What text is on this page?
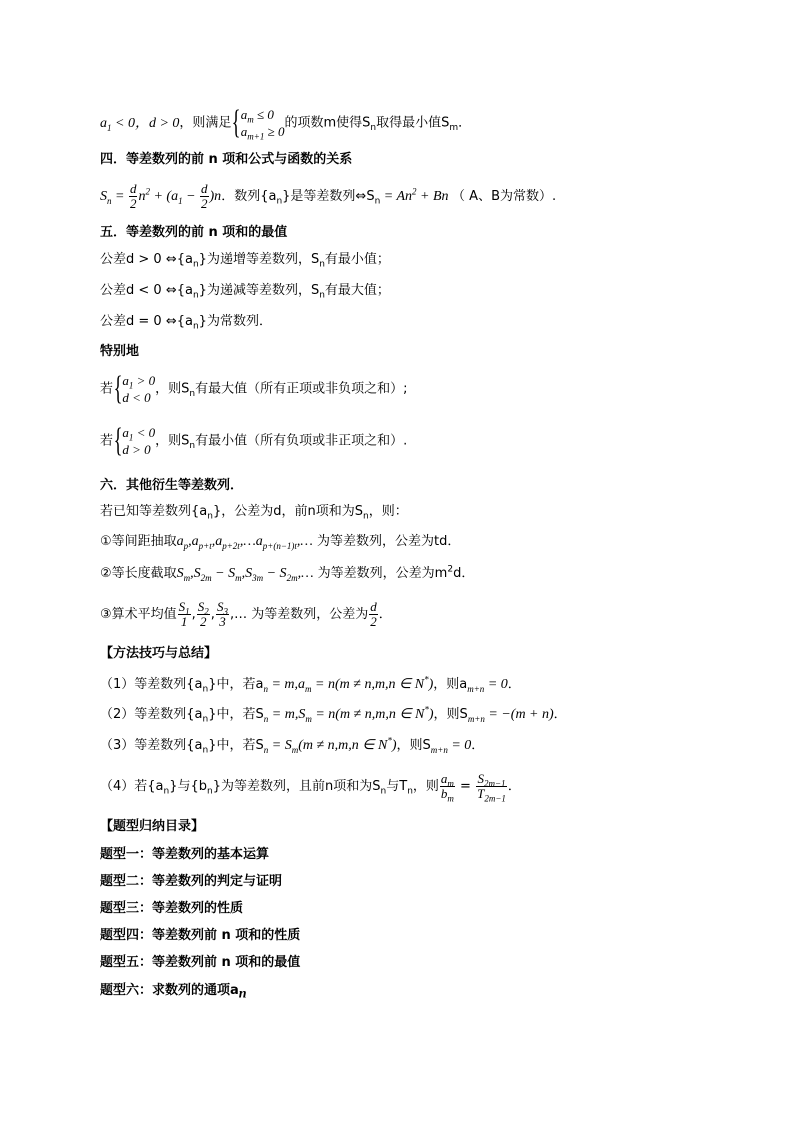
$a_1 < 0$，d > 0，则满足{ $a_m \le 0$
$a_{m+1} \ge 0$
的项数m使得$S_n$取得最小值$S_m$．
四．等差数列的前 n 项和公式与函数的关系
$S_n = \frac{d}{2} n^2 + (a_1 - \frac{d}{2} )n$．数列$\{a_n\}$是等差数列$\Leftrightarrow S_n = An^2 + Bn$ （ A、B为常数）.
五．等差数列的前 n 项和的最值
公差d > 0 $\Leftrightarrow\{a_n\}$为递增等差数列，$S_n$有最小值；
公差d < 0 $\Leftrightarrow\{a_n\}$为递减等差数列，$S_n$有最大值；
公差d = 0 $\Leftrightarrow\{a_n\}$为常数列．
特别地
若{ $a_1 > 0$
d < 0
，则$S_n$有最大值（所有正项或非负项之和）;
若{ $a_1 < 0$
d > 0
，则$S_n$有最小值（所有负项或非正项之和）.
六．其他衍生等差数列．
若已知等差数列$\{a_n\}$，公差为d，前n项和为$S_n$，则：
①等间距抽取$a_p,a_{p+t},a_{p+2t},\dots a_{p+(n-1)t},\dots$ 为等差数列，公差为td．
②等长度截取$S_m,S_{2m} - S_m,S_{3m}$ − $S_{2m},\dots$ 为等差数列，公差为$m^2d$．
③算术平均值 $\frac{S_1}{1}$ , $\frac{S_2}{2}$ , $\frac{S_3}{3}$ ,… 为等差数列，公差为 $\frac{d}{2}$ ．
【方法技巧与总结】
（1）等差数列$\{a_n\}$中，若$a_n = m,a_m = n(m \ne n,m,n$ ∈ N*)，则$a_{m+n} = 0$．
（2）等差数列$\{a_n\}$中，若$S_n = m,S_m = n(m \ne n,m,n$ ∈ N*)，则$S_{m+n} = -(m + n)$．
（3）等差数列$\{a_n\}$中，若$S_n = S_m(m \ne n,m,n$ ∈ N*)，则$S_{m+n} = 0$．
（4）若$\{a_n\}$与$\{b_n\}$为等差数列，且前n项和为$S_n$与$T_n$，则 $\frac{a_m}{b_m} = \frac{S_{2m-1}}{T_{2m-1}}$ ．
【题型归纳目录】
题型一：等差数列的基本运算
题型二：等差数列的判定与证明
题型三：等差数列的性质
题型四：等差数列前 n 项和的性质
题型五：等差数列前 n 项和的最值
题型六：求数列的通项$a_n$
